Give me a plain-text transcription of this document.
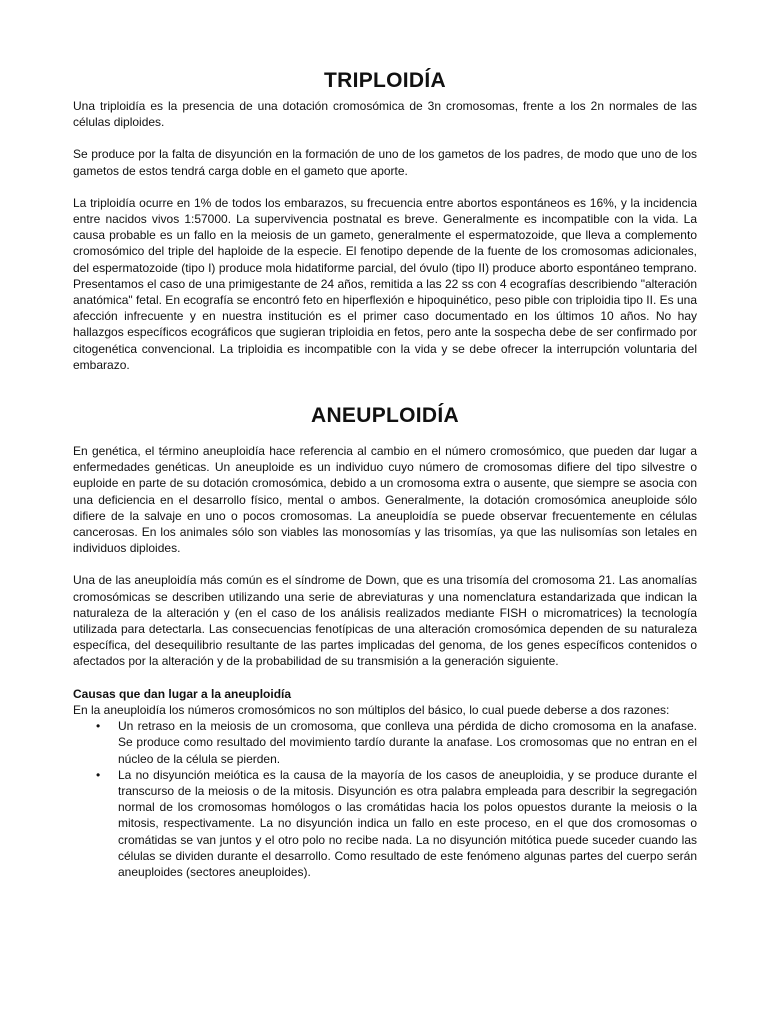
TRIPLOIDÍA

Una triploidía es la presencia de una dotación cromosómica de 3n cromosomas, frente a los 2n normales de las células diploides.

Se produce por la falta de disyunción en la formación de uno de los gametos de los padres, de modo que uno de los gametos de estos tendrá carga doble en el gameto que aporte.

La triploidía ocurre en 1% de todos los embarazos, su frecuencia entre abortos espontáneos es 16%, y la incidencia entre nacidos vivos 1:57000. La supervivencia postnatal es breve. Generalmente es incompatible con la vida. La causa probable es un fallo en la meiosis de un gameto, generalmente el espermatozoide, que lleva a complemento cromosómico del triple del haploide de la especie. El fenotipo depende de la fuente de los cromosomas adicionales, del espermatozoide (tipo I) produce mola hidatiforme parcial, del óvulo (tipo II) produce aborto espontáneo temprano. Presentamos el caso de una primigestante de 24 años, remitida a las 22 ss con 4 ecografías describiendo "alteración anatómica" fetal. En ecografía se encontró feto en hiperflexión e hipoquinético, peso pible con triploidia tipo II. Es una afección infrecuente y en nuestra institución es el primer caso documentado en los últimos 10 años. No hay hallazgos específicos ecográficos que sugieran triploidia en fetos, pero ante la sospecha debe de ser confirmado por citogenética convencional. La triploidia es incompatible con la vida y se debe ofrecer la interrupción voluntaria del embarazo.

ANEUPLOIDÍA

En genética, el término aneuploidía hace referencia al cambio en el número cromosómico, que pueden dar lugar a enfermedades genéticas. Un aneuploide es un individuo cuyo número de cromosomas difiere del tipo silvestre o euploide en parte de su dotación cromosómica, debido a un cromosoma extra o ausente, que siempre se asocia con una deficiencia en el desarrollo físico, mental o ambos. Generalmente, la dotación cromosómica aneuploide sólo difiere de la salvaje en uno o pocos cromosomas. La aneuploidía se puede observar frecuentemente en células cancerosas. En los animales sólo son viables las monosomías y las trisomías, ya que las nulisomías son letales en individuos diploides.

Una de las aneuploidía más común es el síndrome de Down, que es una trisomía del cromosoma 21. Las anomalías cromosómicas se describen utilizando una serie de abreviaturas y una nomenclatura estandarizada que indican la naturaleza de la alteración y (en el caso de los análisis realizados mediante FISH o micromatrices) la tecnología utilizada para detectarla. Las consecuencias fenotípicas de una alteración cromosómica dependen de su naturaleza específica, del desequilibrio resultante de las partes implicadas del genoma, de los genes específicos contenidos o afectados por la alteración y de la probabilidad de su transmisión a la generación siguiente.

Causas que dan lugar a la aneuploidía

En la aneuploidía los números cromosómicos no son múltiplos del básico, lo cual puede deberse a dos razones:

• Un retraso en la meiosis de un cromosoma, que conlleva una pérdida de dicho cromosoma en la anafase. Se produce como resultado del movimiento tardío durante la anafase. Los cromosomas que no entran en el núcleo de la célula se pierden.
• La no disyunción meiótica es la causa de la mayoría de los casos de aneuploidia, y se produce durante el transcurso de la meiosis o de la mitosis. Disyunción es otra palabra empleada para describir la segregación normal de los cromosomas homólogos o las cromátidas hacia los polos opuestos durante la meiosis o la mitosis, respectivamente. La no disyunción indica un fallo en este proceso, en el que dos cromosomas o cromátidas se van juntos y el otro polo no recibe nada. La no disyunción mitótica puede suceder cuando las células se dividen durante el desarrollo. Como resultado de este fenómeno algunas partes del cuerpo serán aneuploides (sectores aneuploides).
